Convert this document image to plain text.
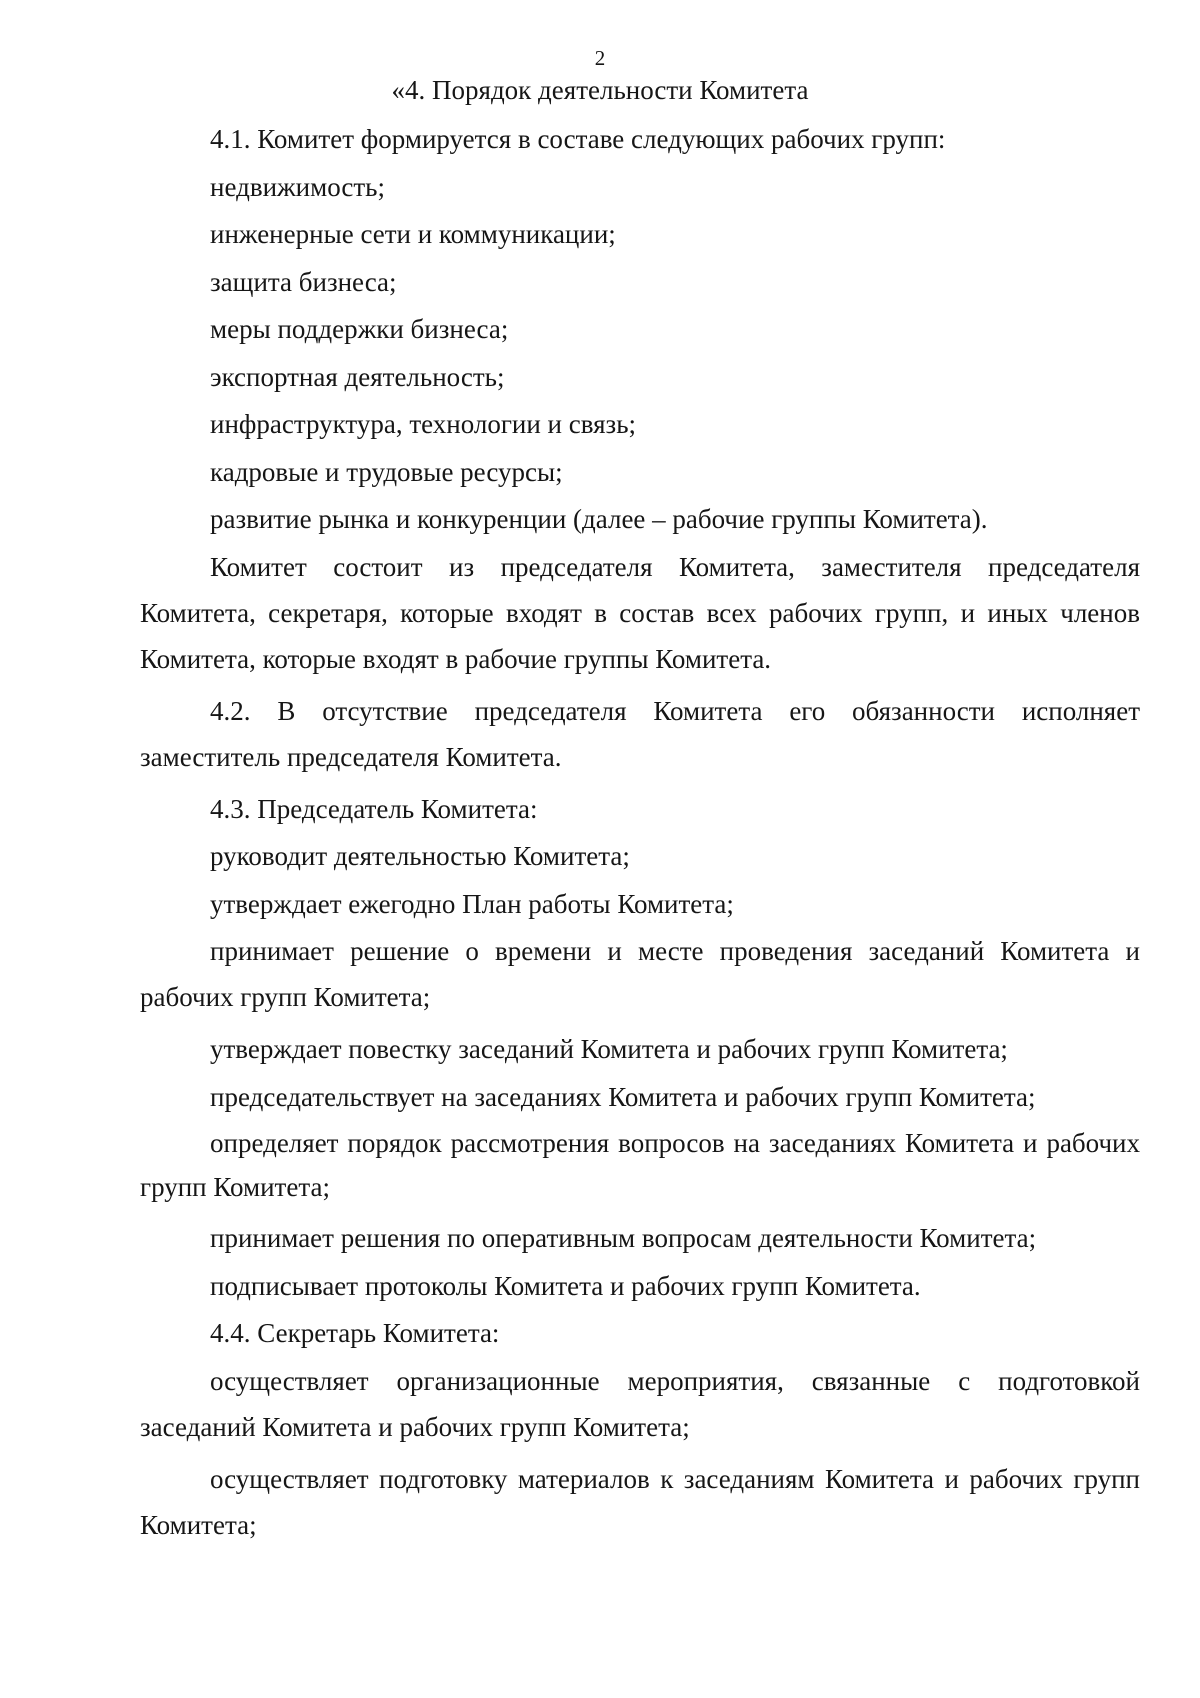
2
«4. Порядок деятельности Комитета

4.1. Комитет формируется в составе следующих рабочих групп:

недвижимость;

инженерные сети и коммуникации;

защита бизнеса;

меры поддержки бизнеса;

экспортная деятельность;

инфраструктура, технологии и связь;

кадровые и трудовые ресурсы;

развитие рынка и конкуренции (далее – рабочие группы Комитета).

Комитет состоит из председателя Комитета, заместителя председателя Комитета, секретаря, которые входят в состав всех рабочих групп, и иных членов Комитета, которые входят в рабочие группы Комитета.

4.2. В отсутствие председателя Комитета его обязанности исполняет заместитель председателя Комитета.

4.3. Председатель Комитета:

руководит деятельностью Комитета;

утверждает ежегодно План работы Комитета;

принимает решение о времени и месте проведения заседаний Комитета и рабочих групп Комитета;

утверждает повестку заседаний Комитета и рабочих групп Комитета;

председательствует на заседаниях Комитета и рабочих групп Комитета;

определяет порядок рассмотрения вопросов на заседаниях Комитета и рабочих групп Комитета;

принимает решения по оперативным вопросам деятельности Комитета;

подписывает протоколы Комитета и рабочих групп Комитета.

4.4. Секретарь Комитета:

осуществляет организационные мероприятия, связанные с подготовкой заседаний Комитета и рабочих групп Комитета;

осуществляет подготовку материалов к заседаниям Комитета и рабочих групп Комитета;
